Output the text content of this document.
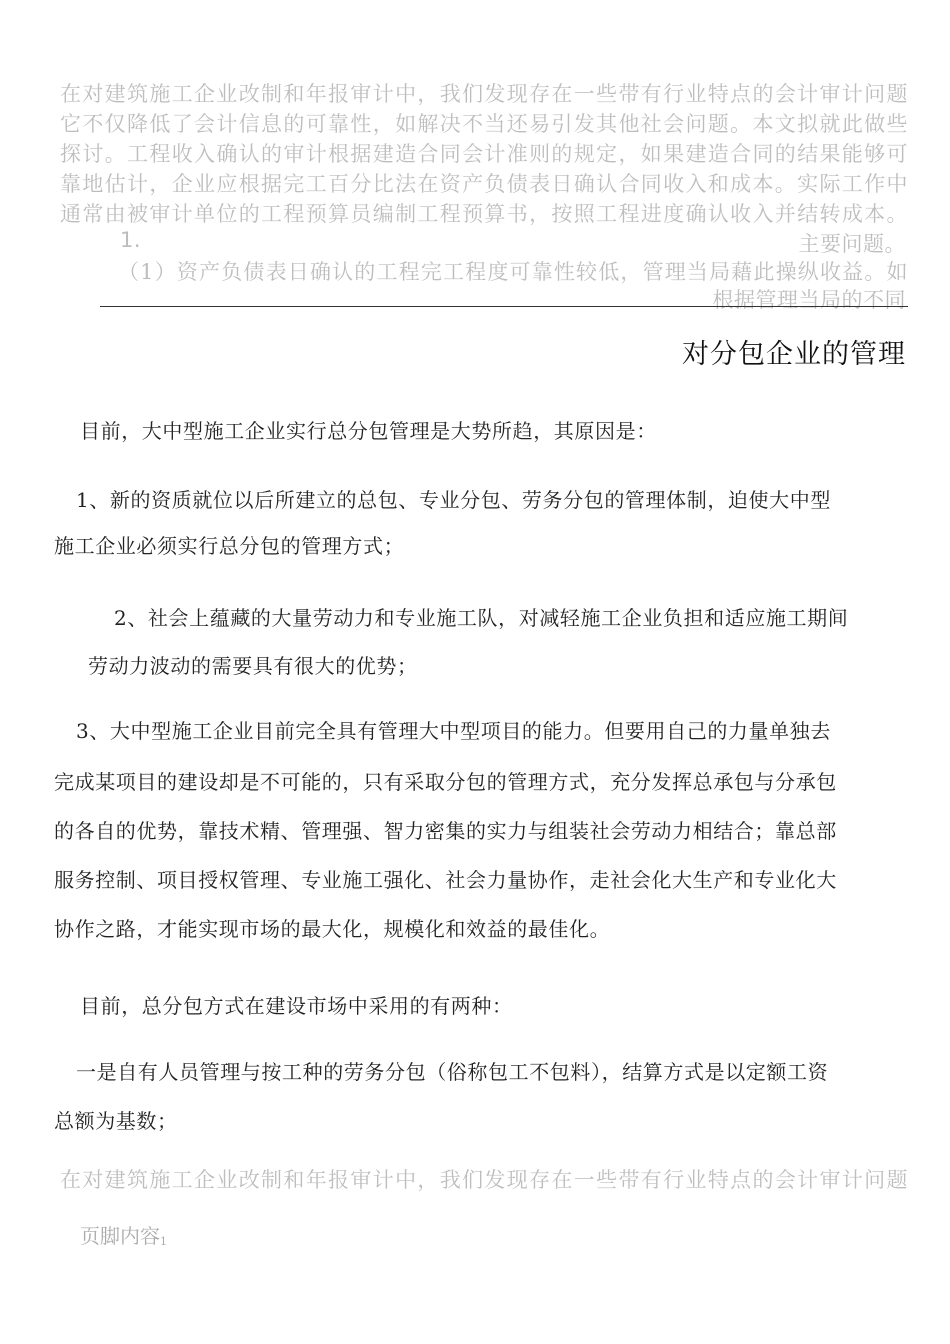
在对建筑施工企业改制和年报审计中，我们发现存在一些带有行业特点的会计审计问题
它不仅降低了会计信息的可靠性，如解决不当还易引发其他社会问题。本文拟就此做些
探讨。工程收入确认的审计根据建造合同会计准则的规定，如果建造合同的结果能够可
靠地估计，企业应根据完工百分比法在资产负债表日确认合同收入和成本。实际工作中
通常由被审计单位的工程预算员编制工程预算书，按照工程进度确认收入并结转成本。
1.	主要问题。
（1）资产负债表日确认的工程完工程度可靠性较低，管理当局藉此操纵收益。如
根据管理当局的不同
对分包企业的管理
目前，大中型施工企业实行总分包管理是大势所趋，其原因是：
1、新的资质就位以后所建立的总包、专业分包、劳务分包的管理体制，迫使大中型
施工企业必须实行总分包的管理方式；
2、社会上蕴藏的大量劳动力和专业施工队，对减轻施工企业负担和适应施工期间
劳动力波动的需要具有很大的优势；
3、大中型施工企业目前完全具有管理大中型项目的能力。但要用自己的力量单独去
完成某项目的建设却是不可能的，只有采取分包的管理方式，充分发挥总承包与分承包
的各自的优势，靠技术精、管理强、智力密集的实力与组装社会劳动力相结合；靠总部
服务控制、项目授权管理、专业施工强化、社会力量协作，走社会化大生产和专业化大
协作之路，才能实现市场的最大化，规模化和效益的最佳化。
目前，总分包方式在建设市场中采用的有两种：
一是自有人员管理与按工种的劳务分包（俗称包工不包料），结算方式是以定额工资
总额为基数；
在对建筑施工企业改制和年报审计中，我们发现存在一些带有行业特点的会计审计问题
页脚内容$_1$
